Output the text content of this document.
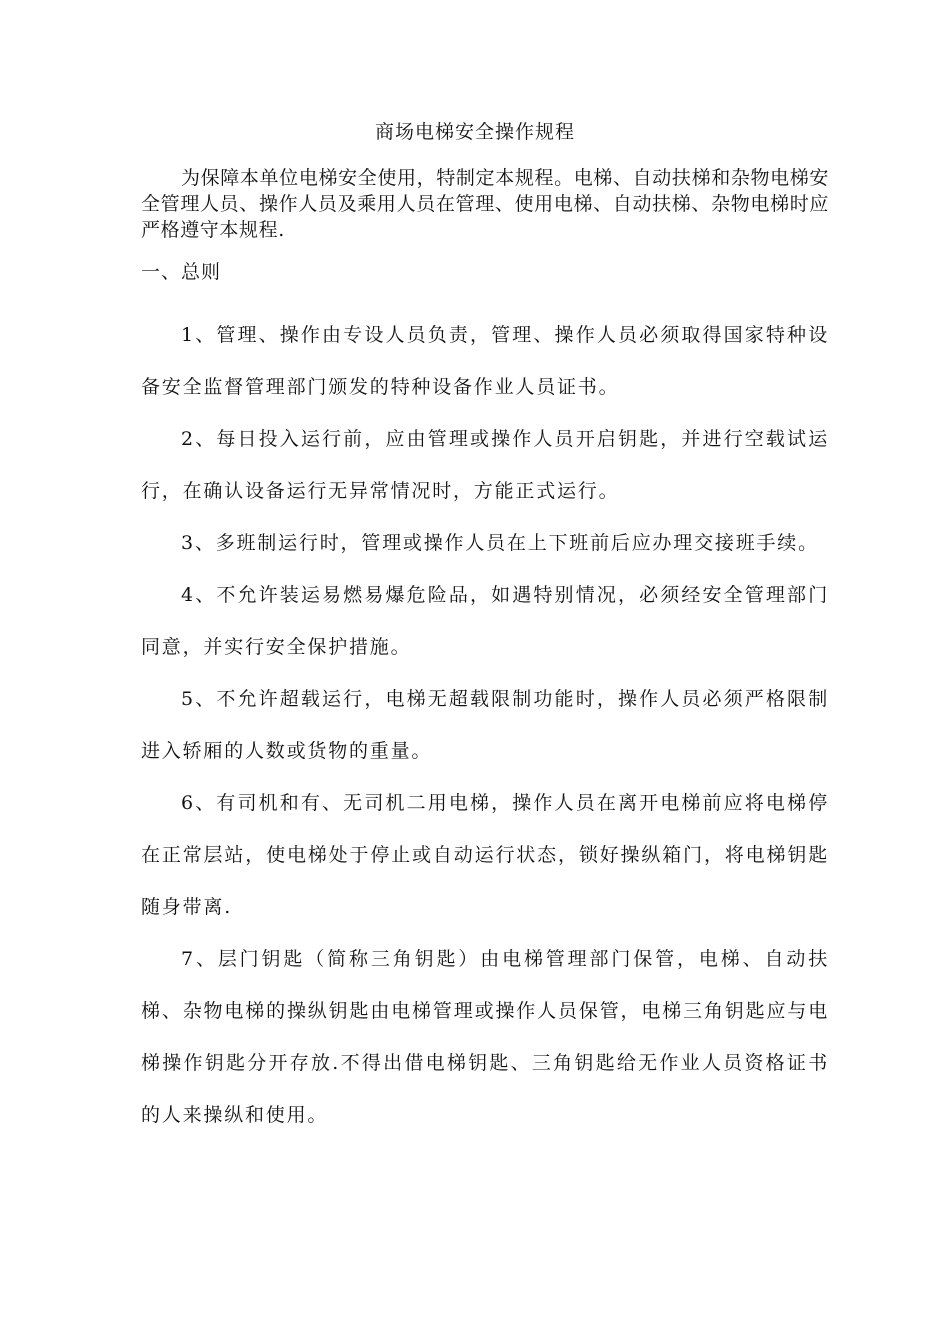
商场电梯安全操作规程

为保障本单位电梯安全使用，特制定本规程。电梯、自动扶梯和杂物电梯安全管理人员、操作人员及乘用人员在管理、使用电梯、自动扶梯、杂物电梯时应严格遵守本规程.

一、总则

1、管理、操作由专设人员负责，管理、操作人员必须取得国家特种设备安全监督管理部门颁发的特种设备作业人员证书。

2、每日投入运行前，应由管理或操作人员开启钥匙，并进行空载试运行，在确认设备运行无异常情况时，方能正式运行。

3、多班制运行时，管理或操作人员在上下班前后应办理交接班手续。

4、不允许装运易燃易爆危险品，如遇特别情况，必须经安全管理部门同意，并实行安全保护措施。

5、不允许超载运行，电梯无超载限制功能时，操作人员必须严格限制进入轿厢的人数或货物的重量。

6、有司机和有、无司机二用电梯，操作人员在离开电梯前应将电梯停在正常层站，使电梯处于停止或自动运行状态，锁好操纵箱门，将电梯钥匙随身带离.

7、层门钥匙（简称三角钥匙）由电梯管理部门保管，电梯、自动扶梯、杂物电梯的操纵钥匙由电梯管理或操作人员保管，电梯三角钥匙应与电梯操作钥匙分开存放.不得出借电梯钥匙、三角钥匙给无作业人员资格证书的人来操纵和使用。
